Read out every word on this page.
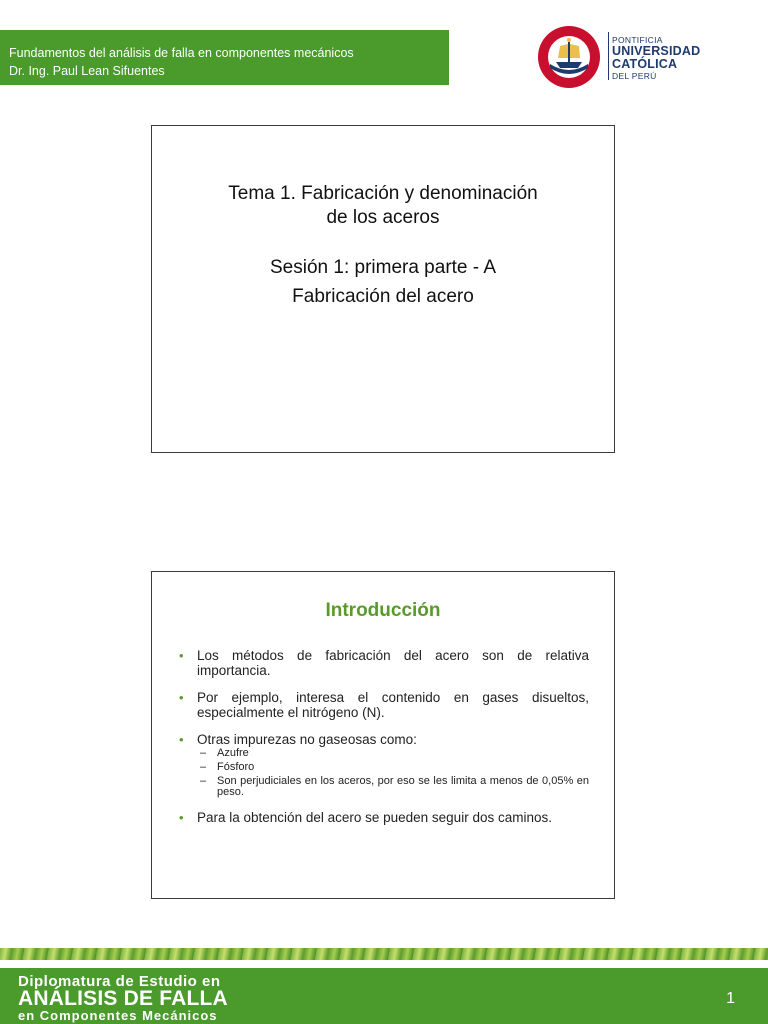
Fundamentos del análisis de falla en componentes mecánicos
Dr. Ing. Paul Lean Sifuentes
PONTIFICIA
UNIVERSIDAD
CATÓLICA
DEL PERÚ
Tema 1. Fabricación y denominación
de los aceros
Sesión 1: primera parte - A
Fabricación del acero
Introducción
• Los métodos de fabricación del acero son de relativa importancia.
• Por ejemplo, interesa el contenido en gases disueltos, especialmente el nitrógeno (N).
• Otras impurezas no gaseosas como:
– Azufre
– Fósforo
– Son perjudiciales en los aceros, por eso se les limita a menos de 0,05% en peso.
• Para la obtención del acero se pueden seguir dos caminos.
Diplomatura de Estudio en
ANÁLISIS DE FALLA
en Componentes Mecánicos
1
